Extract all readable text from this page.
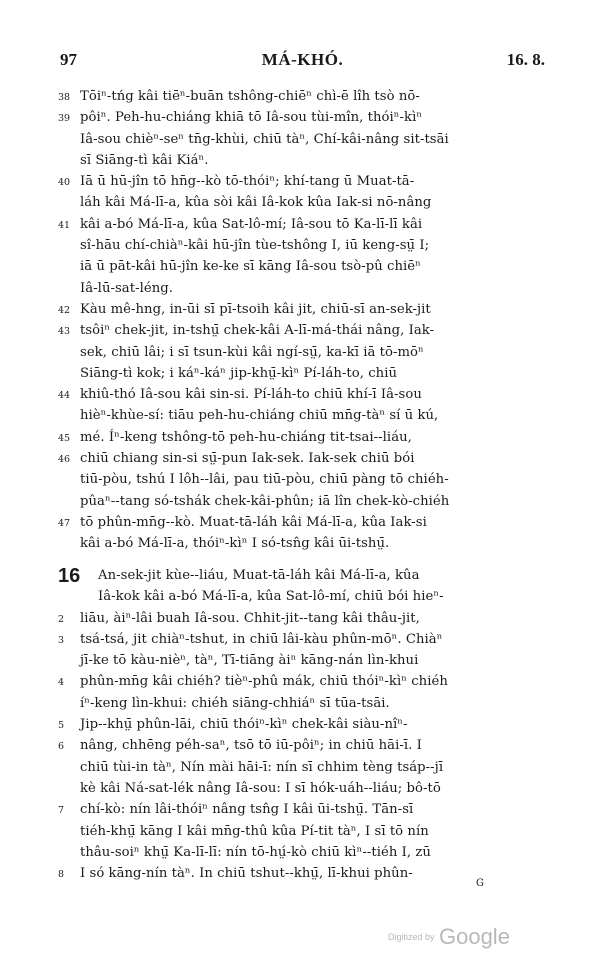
97	MÁ-KHÓ.	16. 8.
38 Tōiⁿ-tńg kâi tiēⁿ-buān tshông-chiēⁿ chì-ē lîh tsò nō-
39 pôiⁿ. Peh-hu-chiáng khiā tō Iâ-sou tùi-mîn, thóiⁿ-kìⁿ
Iâ-sou chièⁿ-seⁿ tn̄g-khùi, chiū tàⁿ, Chí-kâi-nâng sit-tsāi
sī Siāng-tì kâi Kiáⁿ.
40 Iā ū hū-jîn tō hn̄g--kò tō-thóiⁿ; khí-tang ū Muat-tā-
láh kâi Má-lī-a, kûa sòi kâi Iâ-kok kûa Iak-si nō-nâng
41 kâi a-bó Má-lī-a, kûa Sat-lô-mí; Iâ-sou tō Ka-lī-lī kâi
sî-hāu chí-chiàⁿ-kâi hū-jîn tùe-tshông I, iū keng-sṳ̄ I;
iā ū pāt-kâi hū-jîn ke-ke sī kāng Iâ-sou tsò-pû chiēⁿ
Iâ-lū-sat-léng.
42 Kàu mê-hng, in-ūi sī pī-tsoih kâi jit, chiū-sī an-sek-jit
43 tsôiⁿ chek-jit, in-tshṳ̄ chek-kâi A-lī-má-thái nâng, Iak-
sek, chiū lâi; i sī tsun-kùi kâi ngí-sṳ̄, ka-kī iā tō-mōⁿ
Siāng-tì kok; i káⁿ-káⁿ jip-khṳ̄-kìⁿ Pí-láh-to, chiū
44 khiû-thó Iâ-sou kâi sin-si. Pí-láh-to chiū khí-ī Iâ-sou
hièⁿ-khùe-sí: tiāu peh-hu-chiáng chiū mn̄g-tàⁿ sí ū kú,
45 mé. Íⁿ-keng tshông-tō peh-hu-chiáng tit-tsai--liáu,
46 chiū chiang sin-si sṳ̄-pun Iak-sek. Iak-sek chiū bói
tiū-pòu, tshú I lôh--lâi, pau tiū-pòu, chiū pàng tō chiéh-
pûaⁿ--tang só-tshák chek-kâi-phûn; iā lîn chek-kò-chiéh
47 tō phûn-mn̄g--kò. Muat-tā-láh kâi Má-lī-a, kûa Iak-si
kâi a-bó Má-lī-a, thóiⁿ-kìⁿ I só-tsn̂g kâi ūi-tshṳ̄.
16	An-sek-jit kùe--liáu, Muat-tā-láh kâi Má-lī-a, kûa
Iâ-kok kâi a-bó Má-lī-a, kûa Sat-lô-mí, chiū bói hieⁿ-
2	liāu, àiⁿ-lâi buah Iâ-sou. Chhit-jit--tang kâi thâu-jit,
3	tsá-tsá, jit chiàⁿ-tshut, in chiū lâi-kàu phûn-mōⁿ. Chiàⁿ
jī-ke tō kàu-nièⁿ, tàⁿ, Tī-tiāng àiⁿ kāng-nán lìn-khui
4	phûn-mn̄g kâi chiéh? tièⁿ-phû mák, chiū thóiⁿ-kìⁿ chiéh
íⁿ-keng lìn-khui: chiéh siāng-chhiáⁿ sī tūa-tsāi.
5	Jip--khṳ̄ phûn-lāi, chiū thóiⁿ-kìⁿ chek-kâi siàu-nîⁿ-
6	nâng, chhēng péh-saⁿ, tsō tō iū-pôiⁿ; in chiū hāi-ī. I
chiū tùi-in tàⁿ, Nín mài hāi-ī: nín sī chhim tèng tsáp--jī
kè kâi Ná-sat-lék nâng Iâ-sou: I sī hók-uáh--liáu; bô-tō
7	chí-kò: nín lâi-thóiⁿ nâng tsn̂g I kâi ūi-tshṳ̄. Tān-sī
tiéh-khṳ̄ kāng I kâi mn̄g-thû kûa Pí-tit tàⁿ, I sī tō nín
thâu-soiⁿ khṳ̄ Ka-lī-lī: nín tō-hṳ́-kò chiū kìⁿ--tiéh I, zū
8	I só kāng-nín tàⁿ. In chiū tshut--khṳ̄, lī-khui phûn-
G
Digitized by Google
